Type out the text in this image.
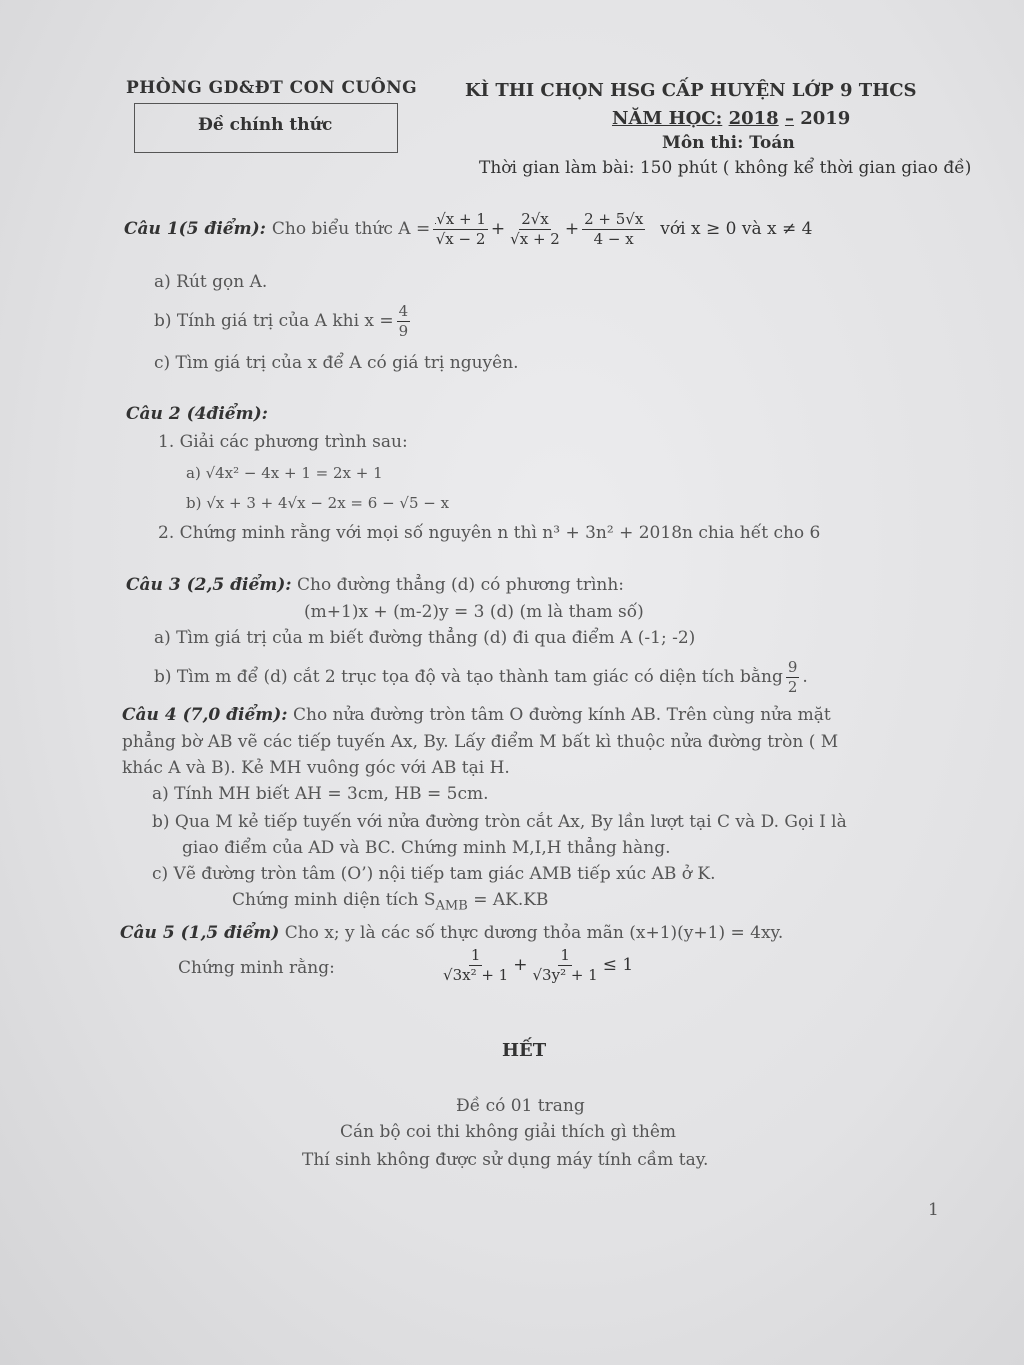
PHÒNG GD&ĐT CON CUÔNG
Đề chính thức
KÌ THI CHỌN HSG CẤP HUYỆN LỚP 9 THCS
NĂM HỌC: 2018 – 2019
Môn thi: Toán
Thời gian làm bài: 150 phút ( không kể thời gian giao đề)
Câu 1(5 điểm): Cho biểu thức $A = \frac{√x + 1}{√x - 2} + \frac{2√x}{√x + 2} + \frac{2 + 5√x}{4 - x}$ với x ≥ 0 và x ≠ 4
a) Rút gọn A.
b) Tính giá trị của A khi $x = \frac{4}{9}$
c) Tìm giá trị của x để A có giá trị nguyên.
Câu 2 (4điểm):
1. Giải các phương trình sau:
a) √4x² − 4x + 1 = 2x + 1
b) √x + 3 + 4√x − 2x = 6 − √5 − x
2. Chứng minh rằng với mọi số nguyên n thì n³ + 3n² + 2018n chia hết cho 6
Câu 3 (2,5 điểm): Cho đường thẳng (d) có phương trình:
(m+1)x + (m-2)y = 3 (d) (m là tham số)
a) Tìm giá trị của m biết đường thẳng (d) đi qua điểm A (-1; -2)
b) Tìm m để (d) cắt 2 trục tọa độ và tạo thành tam giác có diện tích bằng $\frac{9}{2}$ .
Câu 4 (7,0 điểm): Cho nửa đường tròn tâm O đường kính AB. Trên cùng nửa mặt
phẳng bờ AB vẽ các tiếp tuyến Ax, By. Lấy điểm M bất kì thuộc nửa đường tròn ( M
khác A và B). Kẻ MH vuông góc với AB tại H.
a) Tính MH biết AH = 3cm, HB = 5cm.
b) Qua M kẻ tiếp tuyến với nửa đường tròn cắt Ax, By lần lượt tại C và D. Gọi I là
giao điểm của AD và BC. Chứng minh M,I,H thẳng hàng.
c) Vẽ đường tròn tâm (O’) nội tiếp tam giác AMB tiếp xúc AB ở K.
Chứng minh diện tích $S_{AMB} = AK.KB$
Câu 5 (1,5 điểm) Cho x; y là các số thực dương thỏa mãn (x+1)(y+1) = 4xy.
Chứng minh rằng:	$\frac{1}{\text{√3x² + 1}} + \frac{1}{\text{√3y² + 1}} \le 1$
HẾT
Đề có 01 trang
Cán bộ coi thi không giải thích gì thêm
Thí sinh không được sử dụng máy tính cầm tay.
1
